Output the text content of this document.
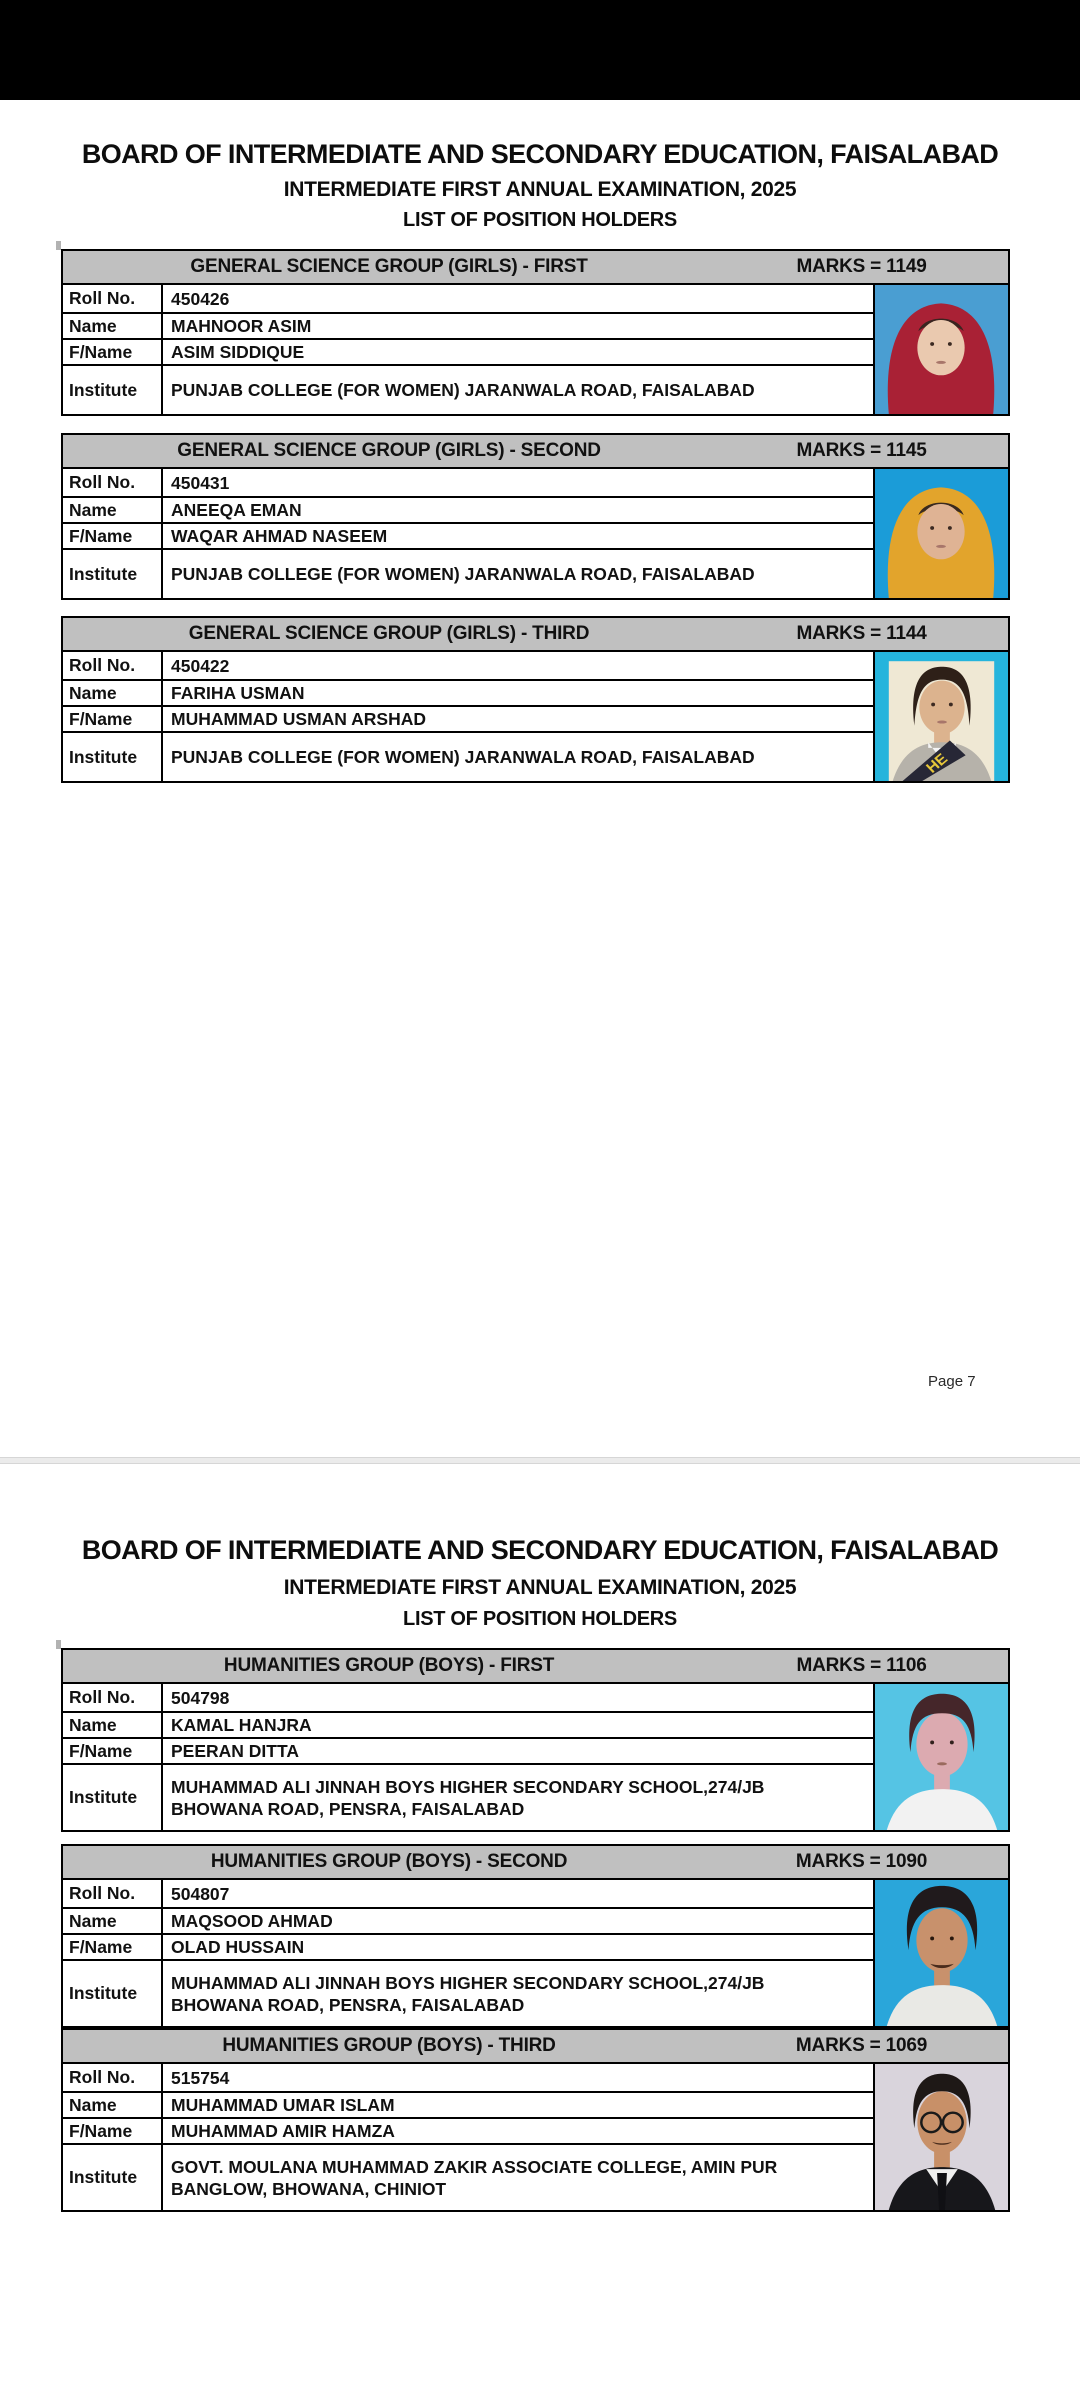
BOARD OF INTERMEDIATE AND SECONDARY EDUCATION, FAISALABAD
INTERMEDIATE FIRST ANNUAL EXAMINATION, 2025
LIST OF POSITION HOLDERS
GENERAL SCIENCE GROUP (GIRLS) - FIRST	MARKS = 1149
Roll No.	450426
Name	MAHNOOR ASIM
F/Name	ASIM SIDDIQUE
Institute	PUNJAB COLLEGE (FOR WOMEN) JARANWALA ROAD, FAISALABAD
GENERAL SCIENCE GROUP (GIRLS) - SECOND	MARKS = 1145
Roll No.	450431
Name	ANEEQA EMAN
F/Name	WAQAR AHMAD NASEEM
Institute	PUNJAB COLLEGE (FOR WOMEN) JARANWALA ROAD, FAISALABAD
GENERAL SCIENCE GROUP (GIRLS) - THIRD	MARKS = 1144
Roll No.	450422
Name	FARIHA USMAN
F/Name	MUHAMMAD USMAN ARSHAD
Institute	PUNJAB COLLEGE (FOR WOMEN) JARANWALA ROAD, FAISALABAD	HE
Page 7
BOARD OF INTERMEDIATE AND SECONDARY EDUCATION, FAISALABAD
INTERMEDIATE FIRST ANNUAL EXAMINATION, 2025
LIST OF POSITION HOLDERS
HUMANITIES GROUP (BOYS) - FIRST	MARKS = 1106
Roll No.	504798
Name	KAMAL HANJRA
F/Name	PEERAN DITTA
Institute
MUHAMMAD ALI JINNAH BOYS HIGHER SECONDARY SCHOOL,274/JB BHOWANA ROAD, PENSRA, FAISALABAD
HUMANITIES GROUP (BOYS) - SECOND	MARKS = 1090
Roll No.	504807
Name	MAQSOOD AHMAD
F/Name	OLAD HUSSAIN
Institute
MUHAMMAD ALI JINNAH BOYS HIGHER SECONDARY SCHOOL,274/JB BHOWANA ROAD, PENSRA, FAISALABAD
HUMANITIES GROUP (BOYS) - THIRD	MARKS = 1069
Roll No.	515754
Name	MUHAMMAD UMAR ISLAM
F/Name	MUHAMMAD AMIR HAMZA
Institute
GOVT. MOULANA MUHAMMAD ZAKIR ASSOCIATE COLLEGE, AMIN PUR BANGLOW, BHOWANA, CHINIOT
